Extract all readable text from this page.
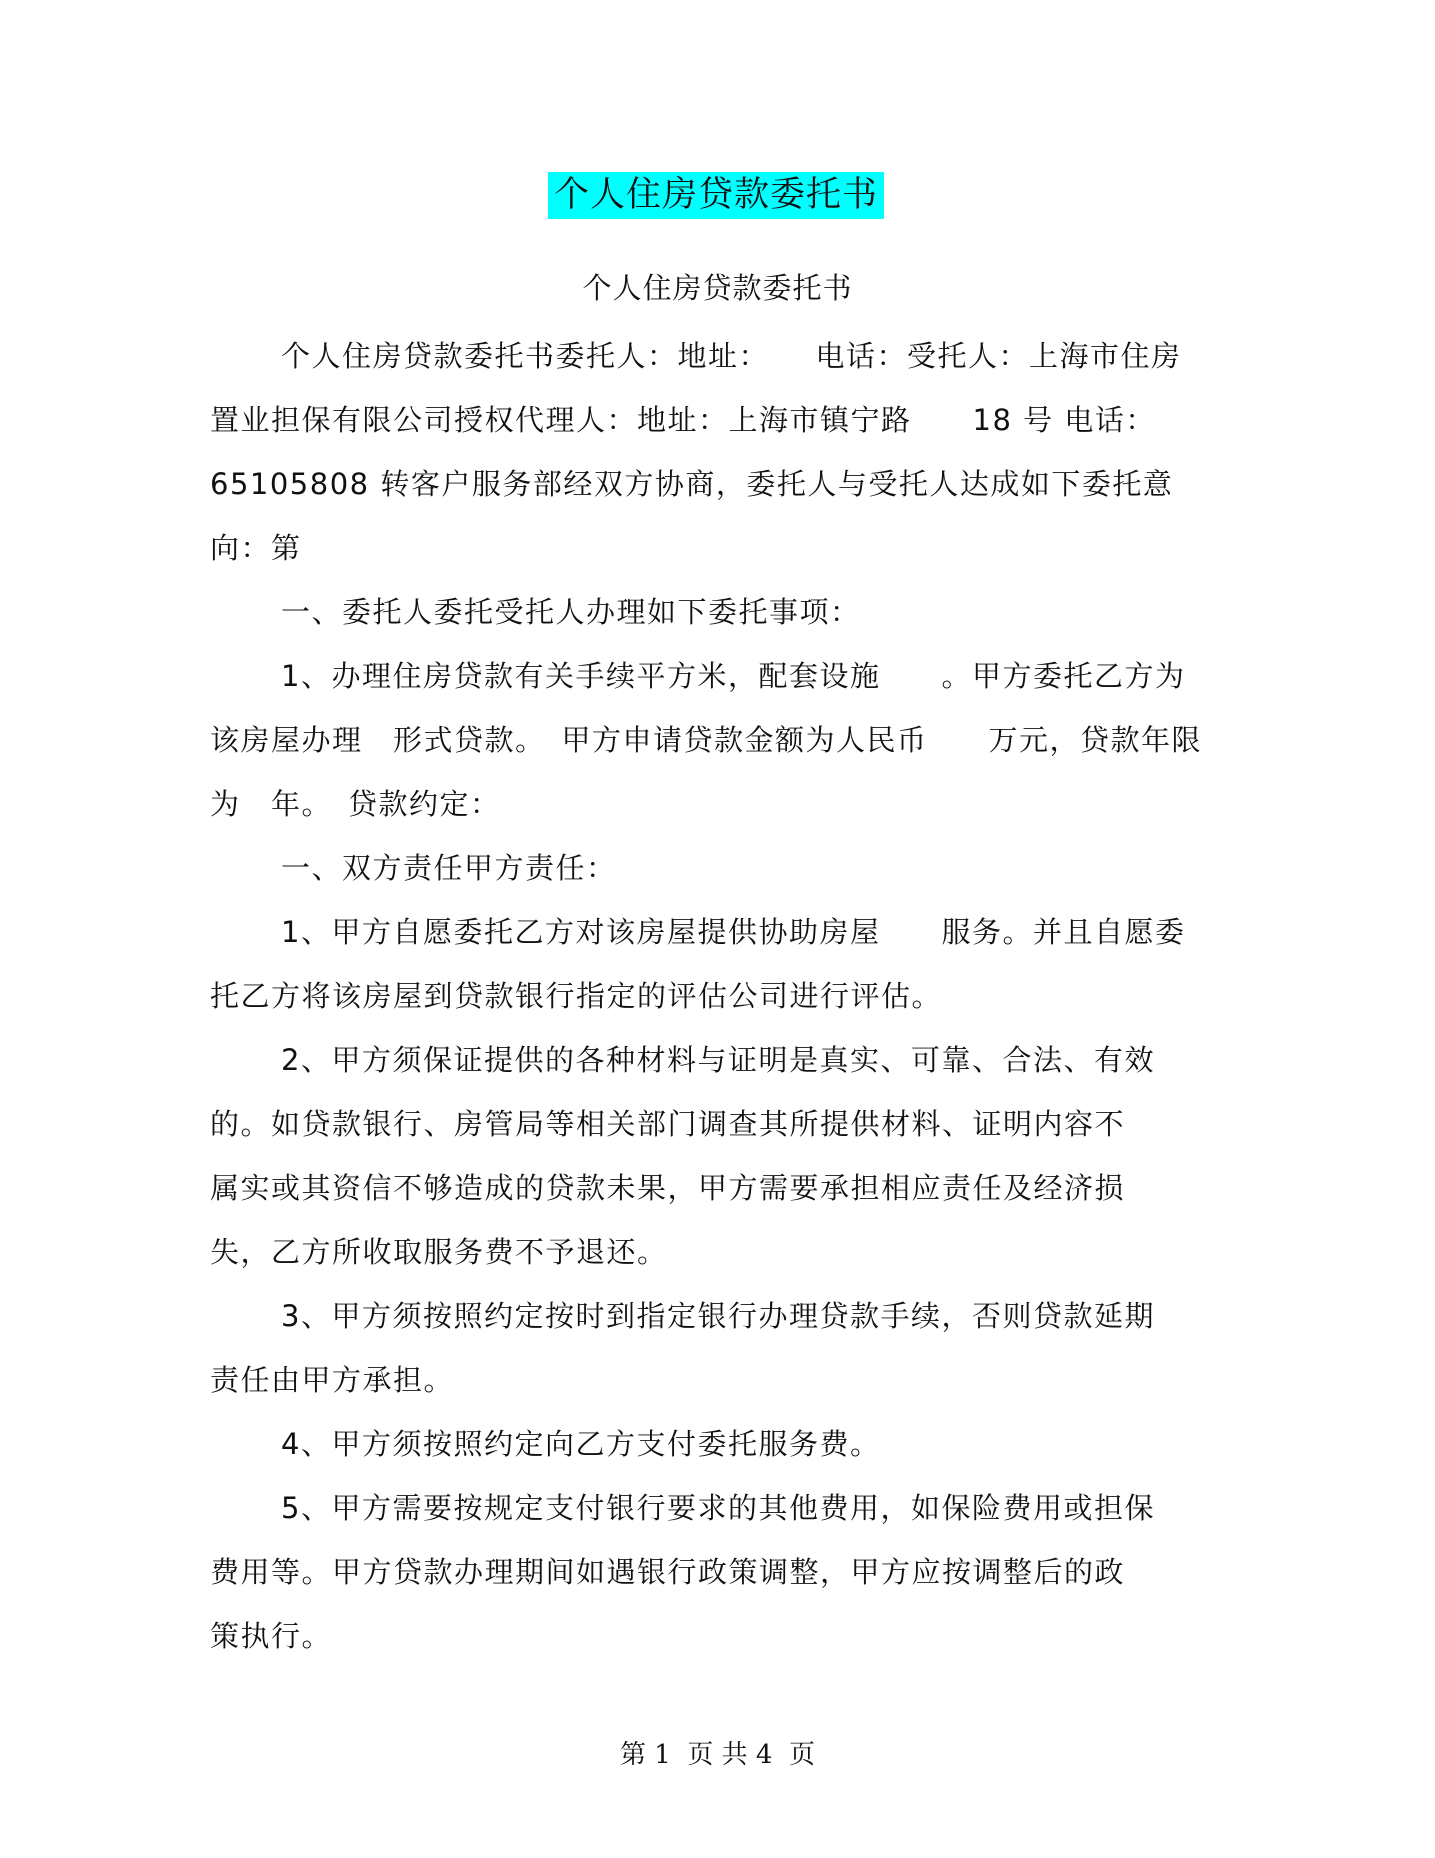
个人住房贷款委托书
个人住房贷款委托书
个人住房贷款委托书委托人：地址：　　电话：受托人：上海市住房
置业担保有限公司授权代理人：地址：上海市镇宁路　　18 号 电话：
65105808 转客户服务部经双方协商，委托人与受托人达成如下委托意
向：第
一、委托人委托受托人办理如下委托事项：
1、办理住房贷款有关手续平方米，配套设施　　。甲方委托乙方为
该房屋办理　形式贷款。　甲方申请贷款金额为人民币　　万元，贷款年限
为　年。　贷款约定：
一、双方责任甲方责任：
1、甲方自愿委托乙方对该房屋提供协助房屋　　服务。并且自愿委
托乙方将该房屋到贷款银行指定的评估公司进行评估。
2、甲方须保证提供的各种材料与证明是真实、可靠、合法、有效
的。如贷款银行、房管局等相关部门调查其所提供材料、证明内容不
属实或其资信不够造成的贷款未果，甲方需要承担相应责任及经济损
失，乙方所收取服务费不予退还。
3、甲方须按照约定按时到指定银行办理贷款手续，否则贷款延期
责任由甲方承担。
4、甲方须按照约定向乙方支付委托服务费。
5、甲方需要按规定支付银行要求的其他费用，如保险费用或担保
费用等。甲方贷款办理期间如遇银行政策调整，甲方应按调整后的政
策执行。
第 1  页 共 4  页
